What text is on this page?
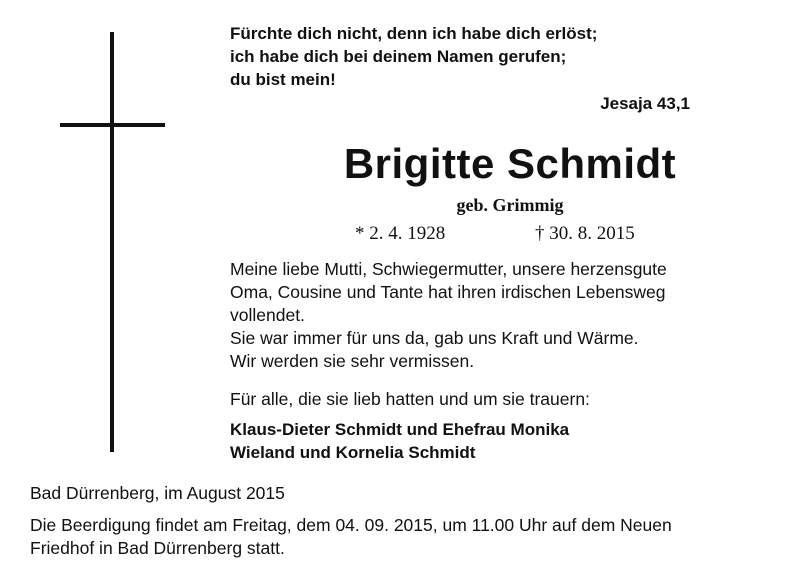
Fürchte dich nicht, denn ich habe dich erlöst;
ich habe dich bei deinem Namen gerufen;
du bist mein!
Jesaja 43,1
Brigitte Schmidt
geb. Grimmig
* 2. 4. 1928	† 30. 8. 2015
Meine liebe Mutti, Schwiegermutter, unsere herzensgute
Oma, Cousine und Tante hat ihren irdischen Lebensweg
vollendet.
Sie war immer für uns da, gab uns Kraft und Wärme.
Wir werden sie sehr vermissen.
Für alle, die sie lieb hatten und um sie trauern:
Klaus-Dieter Schmidt und Ehefrau Monika
Wieland und Kornelia Schmidt
Bad Dürrenberg, im August 2015
Die Beerdigung findet am Freitag, dem 04. 09. 2015, um 11.00 Uhr auf dem Neuen
Friedhof in Bad Dürrenberg statt.
